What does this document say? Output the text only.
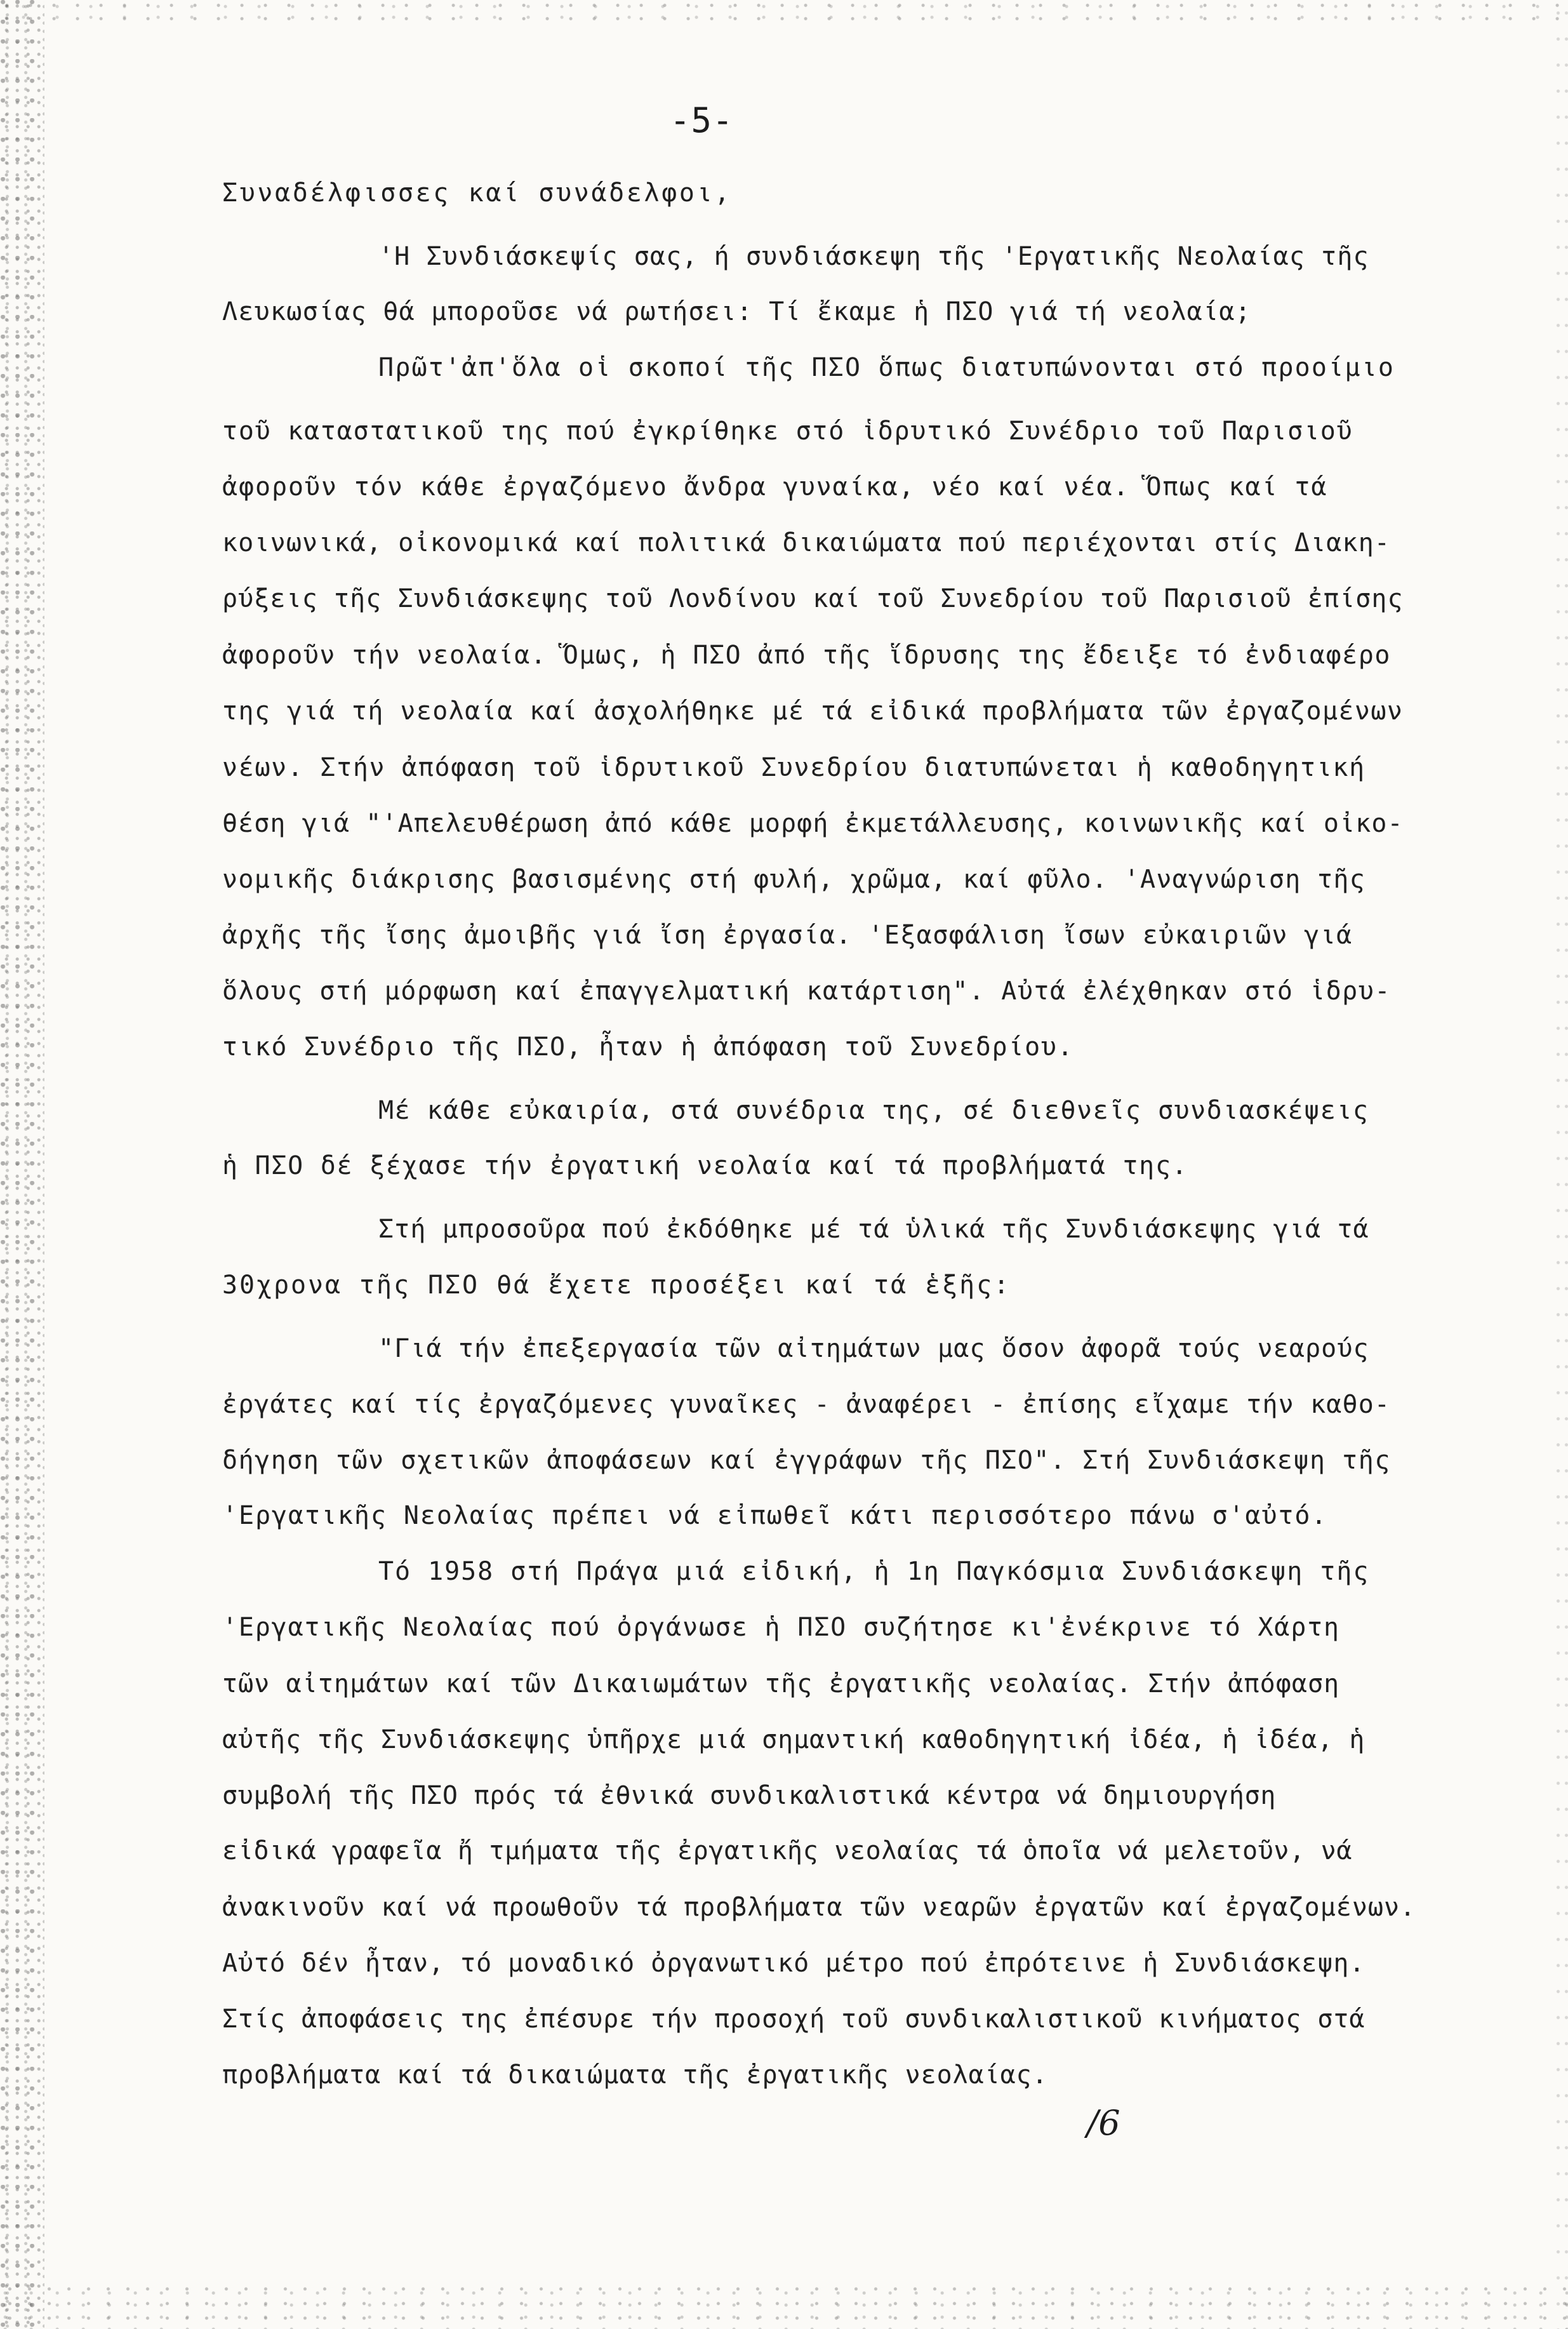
-5-
Συναδέλφισσες καί συνάδελφοι,
'Η Συνδιάσκεψίς σας, ή συνδιάσκεψη τῆς 'Εργατικῆς Νεολαίας τῆς
Λευκωσίας θά μποροῦσε νά ρωτήσει: Τί ἔκαμε ἡ ΠΣΟ γιά τή νεολαία;
Πρῶτ'ἀπ'ὅλα οἱ σκοποί τῆς ΠΣΟ ὅπως διατυπώνονται στό προοίμιο
τοῦ καταστατικοῦ της πού ἐγκρίθηκε στό ἱδρυτικό Συνέδριο τοῦ Παρισιοῦ
ἀφοροῦν τόν κάθε ἐργαζόμενο ἄνδρα γυναίκα, νέο καί νέα. Ὅπως καί τά
κοινωνικά, οἰκονομικά καί πολιτικά δικαιώματα πού περιέχονται στίς Διακη-
ρύξεις τῆς Συνδιάσκεψης τοῦ Λονδίνου καί τοῦ Συνεδρίου τοῦ Παρισιοῦ ἐπίσης
ἀφοροῦν τήν νεολαία. Ὅμως, ἡ ΠΣΟ ἀπό τῆς ἵδρυσης της ἔδειξε τό ἐνδιαφέρο
της γιά τή νεολαία καί ἀσχολήθηκε μέ τά εἰδικά προβλήματα τῶν ἐργαζομένων
νέων. Στήν ἀπόφαση τοῦ ἱδρυτικοῦ Συνεδρίου διατυπώνεται ἡ καθοδηγητική
θέση γιά "'Απελευθέρωση ἀπό κάθε μορφή ἐκμετάλλευσης, κοινωνικῆς καί οἰκο-
νομικῆς διάκρισης βασισμένης στή φυλή, χρῶμα, καί φῦλο. 'Αναγνώριση τῆς
ἀρχῆς τῆς ἴσης ἀμοιβῆς γιά ἴση ἐργασία. 'Εξασφάλιση ἴσων εὐκαιριῶν γιά
ὅλους στή μόρφωση καί ἐπαγγελματική κατάρτιση". Αὐτά ἐλέχθηκαν στό ἱδρυ-
τικό Συνέδριο τῆς ΠΣΟ, ἦταν ἡ ἀπόφαση τοῦ Συνεδρίου.
Μέ κάθε εὐκαιρία, στά συνέδρια της, σέ διεθνεῖς συνδιασκέψεις
ἡ ΠΣΟ δέ ξέχασε τήν ἐργατική νεολαία καί τά προβλήματά της.
Στή μπροσοῦρα πού ἐκδόθηκε μέ τά ὑλικά τῆς Συνδιάσκεψης γιά τά
30χρονα τῆς ΠΣΟ θά ἔχετε προσέξει καί τά ἑξῆς:
"Γιά τήν ἐπεξεργασία τῶν αἰτημάτων μας ὅσον ἀφορᾶ τούς νεαρούς
ἐργάτες καί τίς ἐργαζόμενες γυναῖκες - ἀναφέρει - ἐπίσης εἴχαμε τήν καθο-
δήγηση τῶν σχετικῶν ἀποφάσεων καί ἐγγράφων τῆς ΠΣΟ". Στή Συνδιάσκεψη τῆς
'Εργατικῆς Νεολαίας πρέπει νά εἰπωθεῖ κάτι περισσότερο πάνω σ'αὐτό.
Τό 1958 στή Πράγα μιά εἰδική, ἡ 1η Παγκόσμια Συνδιάσκεψη τῆς
'Εργατικῆς Νεολαίας πού ὀργάνωσε ἡ ΠΣΟ συζήτησε κι'ἐνέκρινε τό Χάρτη
τῶν αἰτημάτων καί τῶν Δικαιωμάτων τῆς ἐργατικῆς νεολαίας. Στήν ἀπόφαση
αὐτῆς τῆς Συνδιάσκεψης ὑπῆρχε μιά σημαντική καθοδηγητική ἰδέα, ἡ ἰδέα, ἡ
συμβολή τῆς ΠΣΟ πρός τά ἐθνικά συνδικαλιστικά κέντρα νά δημιουργήση
εἰδικά γραφεῖα ἤ τμήματα τῆς ἐργατικῆς νεολαίας τά ὁποῖα νά μελετοῦν, νά
ἀνακινοῦν καί νά προωθοῦν τά προβλήματα τῶν νεαρῶν ἐργατῶν καί ἐργαζομένων.
Αὐτό δέν ἦταν, τό μοναδικό ὀργανωτικό μέτρο πού ἐπρότεινε ἡ Συνδιάσκεψη.
Στίς ἀποφάσεις της ἐπέσυρε τήν προσοχή τοῦ συνδικαλιστικοῦ κινήματος στά
προβλήματα καί τά δικαιώματα τῆς ἐργατικῆς νεολαίας.
/6
